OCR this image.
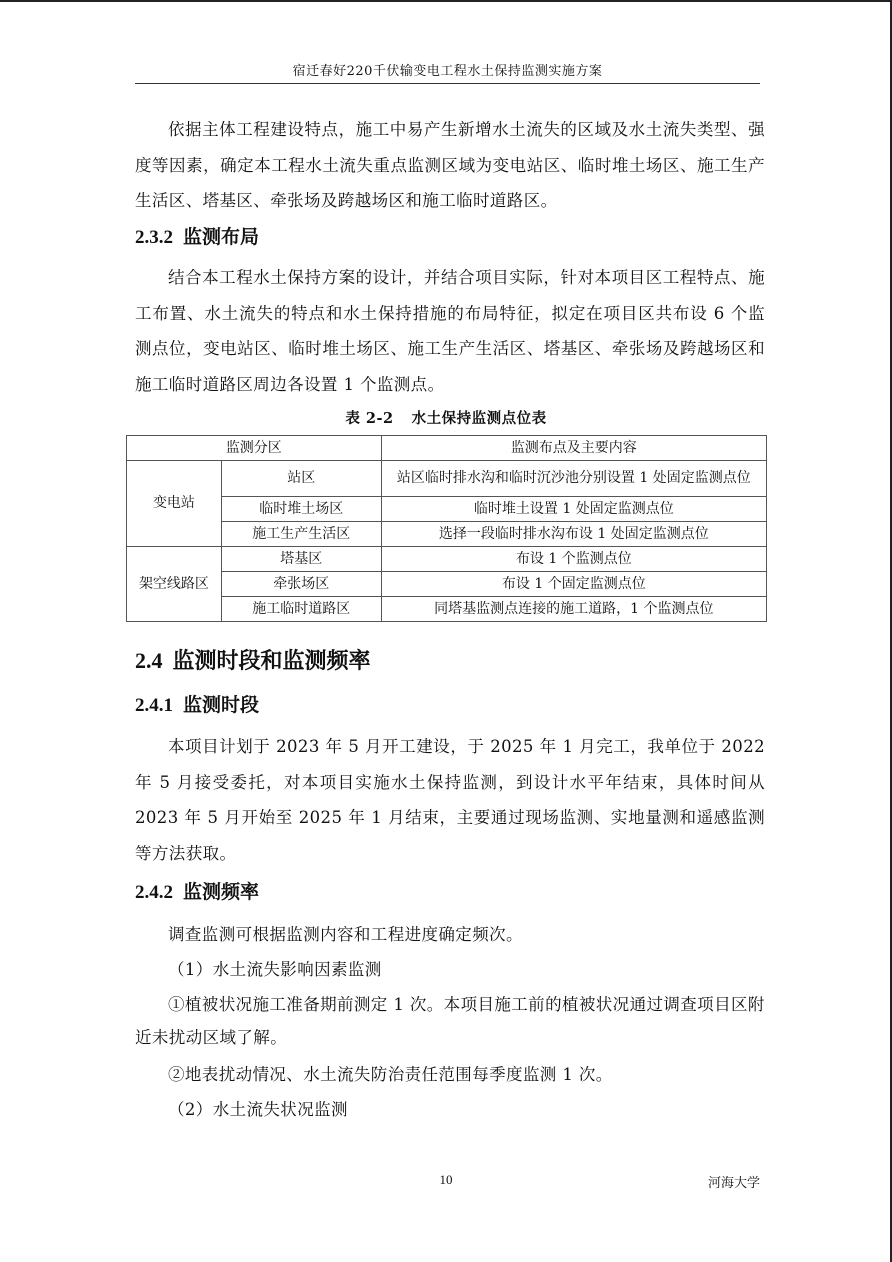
宿迁春好220千伏输变电工程水土保持监测实施方案

依据主体工程建设特点，施工中易产生新增水土流失的区域及水土流失类型、强度等因素，确定本工程水土流失重点监测区域为变电站区、临时堆土场区、施工生产生活区、塔基区、牵张场及跨越场区和施工临时道路区。

2.3.2 监测布局

结合本工程水土保持方案的设计，并结合项目实际，针对本项目区工程特点、施工布置、水土流失的特点和水土保持措施的布局特征，拟定在项目区共布设 6 个监测点位，变电站区、临时堆土场区、施工生产生活区、塔基区、牵张场及跨越场区和施工临时道路区周边各设置 1 个监测点。

表 2-2 水土保持监测点位表
监测分区		监测布点及主要内容
变电站	站区	站区临时排水沟和临时沉沙池分别设置 1 处固定监测点位
	临时堆土场区	临时堆土设置 1 处固定监测点位
	施工生产生活区	选择一段临时排水沟布设 1 处固定监测点位
架空线路区	塔基区	布设 1 个监测点位
	牵张场区	布设 1 个固定监测点位
	施工临时道路区	同塔基监测点连接的施工道路，1 个监测点位
2.4 监测时段和监测频率
2.4.1 监测时段

本项目计划于 2023 年 5 月开工建设，于 2025 年 1 月完工，我单位于 2022 年 5 月接受委托，对本项目实施水土保持监测，到设计水平年结束，具体时间从 2023 年 5 月开始至 2025 年 1 月结束，主要通过现场监测、实地量测和遥感监测等方法获取。

2.4.2 监测频率

调查监测可根据监测内容和工程进度确定频次。

（1）水土流失影响因素监测

①植被状况施工准备期前测定 1 次。本项目施工前的植被状况通过调查项目区附近未扰动区域了解。

②地表扰动情况、水土流失防治责任范围每季度监测 1 次。

（2）水土流失状况监测

10	河海大学
